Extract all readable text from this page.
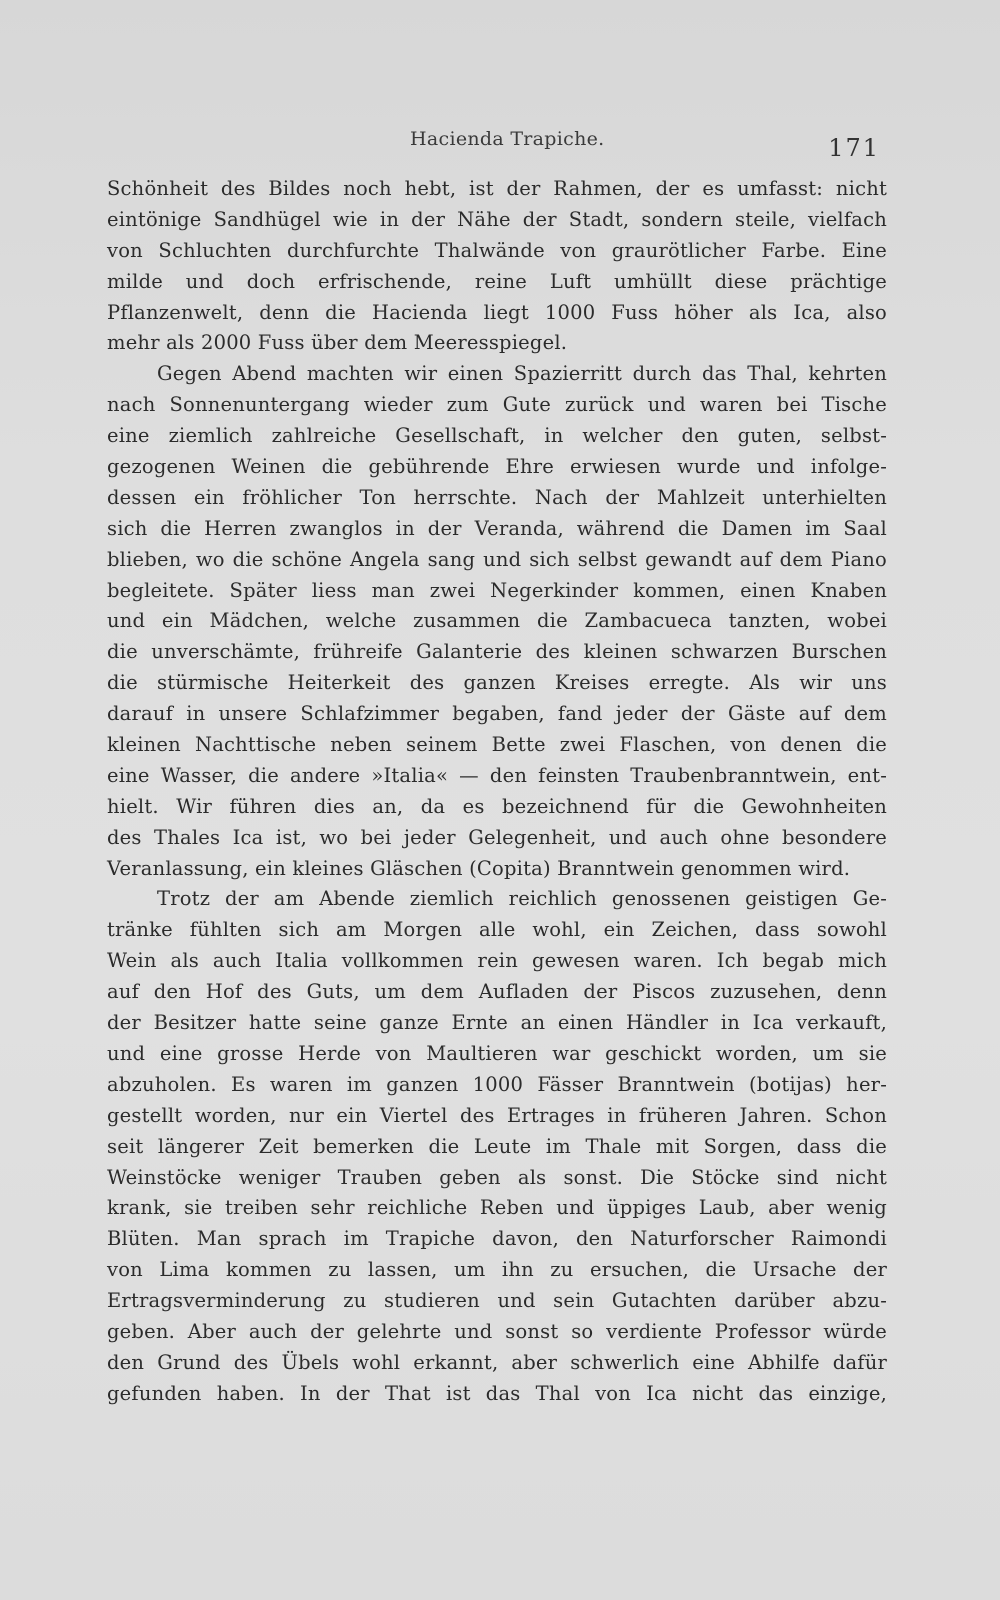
Hacienda Trapiche.	171
Schönheit des Bildes noch hebt, ist der Rahmen, der es umfasst: nicht
eintönige Sandhügel wie in der Nähe der Stadt, sondern steile, vielfach
von Schluchten durchfurchte Thalwände von graurötlicher Farbe. Eine
milde und doch erfrischende, reine Luft umhüllt diese prächtige
Pflanzenwelt, denn die Hacienda liegt 1000 Fuss höher als Ica, also
mehr als 2000 Fuss über dem Meeresspiegel.
Gegen Abend machten wir einen Spazierritt durch das Thal, kehrten
nach Sonnenuntergang wieder zum Gute zurück und waren bei Tische
eine ziemlich zahlreiche Gesellschaft, in welcher den guten, selbst-
gezogenen Weinen die gebührende Ehre erwiesen wurde und infolge-
dessen ein fröhlicher Ton herrschte. Nach der Mahlzeit unterhielten
sich die Herren zwanglos in der Veranda, während die Damen im Saal
blieben, wo die schöne Angela sang und sich selbst gewandt auf dem Piano
begleitete. Später liess man zwei Negerkinder kommen, einen Knaben
und ein Mädchen, welche zusammen die Zambacueca tanzten, wobei
die unverschämte, frühreife Galanterie des kleinen schwarzen Burschen
die stürmische Heiterkeit des ganzen Kreises erregte. Als wir uns
darauf in unsere Schlafzimmer begaben, fand jeder der Gäste auf dem
kleinen Nachttische neben seinem Bette zwei Flaschen, von denen die
eine Wasser, die andere »Italia« — den feinsten Traubenbranntwein, ent-
hielt. Wir führen dies an, da es bezeichnend für die Gewohnheiten
des Thales Ica ist, wo bei jeder Gelegenheit, und auch ohne besondere
Veranlassung, ein kleines Gläschen (Copita) Branntwein genommen wird.
Trotz der am Abende ziemlich reichlich genossenen geistigen Ge-
tränke fühlten sich am Morgen alle wohl, ein Zeichen, dass sowohl
Wein als auch Italia vollkommen rein gewesen waren. Ich begab mich
auf den Hof des Guts, um dem Aufladen der Piscos zuzusehen, denn
der Besitzer hatte seine ganze Ernte an einen Händler in Ica verkauft,
und eine grosse Herde von Maultieren war geschickt worden, um sie
abzuholen. Es waren im ganzen 1000 Fässer Branntwein (botijas) her-
gestellt worden, nur ein Viertel des Ertrages in früheren Jahren. Schon
seit längerer Zeit bemerken die Leute im Thale mit Sorgen, dass die
Weinstöcke weniger Trauben geben als sonst. Die Stöcke sind nicht
krank, sie treiben sehr reichliche Reben und üppiges Laub, aber wenig
Blüten. Man sprach im Trapiche davon, den Naturforscher Raimondi
von Lima kommen zu lassen, um ihn zu ersuchen, die Ursache der
Ertragsverminderung zu studieren und sein Gutachten darüber abzu-
geben. Aber auch der gelehrte und sonst so verdiente Professor würde
den Grund des Übels wohl erkannt, aber schwerlich eine Abhilfe dafür
gefunden haben. In der That ist das Thal von Ica nicht das einzige,
